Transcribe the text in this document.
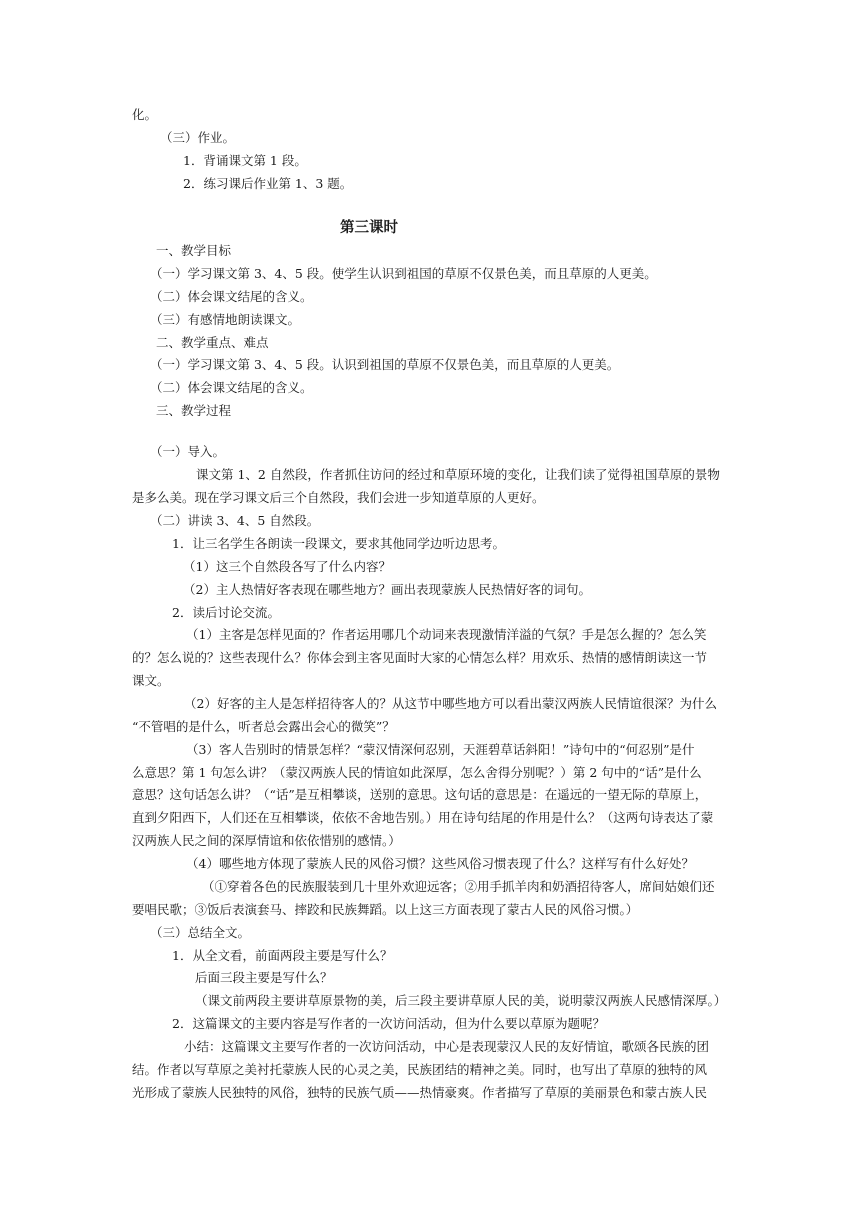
化。
（三）作业。
1．背诵课文第 1 段。
2．练习课后作业第 1、3 题。
第三课时
一、教学目标
（一）学习课文第 3、4、5 段。使学生认识到祖国的草原不仅景色美，而且草原的人更美。
（二）体会课文结尾的含义。
（三）有感情地朗读课文。
二、教学重点、难点
（一）学习课文第 3、4、5 段。认识到祖国的草原不仅景色美，而且草原的人更美。
（二）体会课文结尾的含义。
三、教学过程
（一）导入。
课文第 1、2 自然段，作者抓住访问的经过和草原环境的变化，让我们读了觉得祖国草原的景物
是多么美。现在学习课文后三个自然段，我们会进一步知道草原的人更好。
（二）讲读 3、4、5 自然段。
1．让三名学生各朗读一段课文，要求其他同学边听边思考。
（1）这三个自然段各写了什么内容？
（2）主人热情好客表现在哪些地方？画出表现蒙族人民热情好客的词句。
2．读后讨论交流。
（1）主客是怎样见面的？作者运用哪几个动词来表现激情洋溢的气氛？手是怎么握的？怎么笑
的？怎么说的？这些表现什么？你体会到主客见面时大家的心情怎么样？用欢乐、热情的感情朗读这一节
课文。
（2）好客的主人是怎样招待客人的？从这节中哪些地方可以看出蒙汉两族人民情谊很深？为什么
“不管唱的是什么，听者总会露出会心的微笑”？
（3）客人告别时的情景怎样？“蒙汉情深何忍别，天涯碧草话斜阳！”诗句中的“何忍别”是什
么意思？第 1 句怎么讲？（蒙汉两族人民的情谊如此深厚，怎么舍得分别呢？）第 2 句中的“话”是什么
意思？这句话怎么讲？（“话”是互相攀谈，送别的意思。这句话的意思是：在遥远的一望无际的草原上，
直到夕阳西下，人们还在互相攀谈，依依不舍地告别。）用在诗句结尾的作用是什么？（这两句诗表达了蒙
汉两族人民之间的深厚情谊和依依惜别的感情。）
（4）哪些地方体现了蒙族人民的风俗习惯？这些风俗习惯表现了什么？这样写有什么好处？
（①穿着各色的民族服装到几十里外欢迎远客；②用手抓羊肉和奶酒招待客人，席间姑娘们还
要唱民歌；③饭后表演套马、摔跤和民族舞蹈。以上这三方面表现了蒙古人民的风俗习惯。）
（三）总结全文。
1．从全文看，前面两段主要是写什么？
后面三段主要是写什么？
（课文前两段主要讲草原景物的美，后三段主要讲草原人民的美，说明蒙汉两族人民感情深厚。）
2．这篇课文的主要内容是写作者的一次访问活动，但为什么要以草原为题呢？
小结：这篇课文主要写作者的一次访问活动，中心是表现蒙汉人民的友好情谊，歌颂各民族的团
结。作者以写草原之美衬托蒙族人民的心灵之美，民族团结的精神之美。同时，也写出了草原的独特的风
光形成了蒙族人民独特的风俗，独特的民族气质——热情豪爽。作者描写了草原的美丽景色和蒙古族人民
